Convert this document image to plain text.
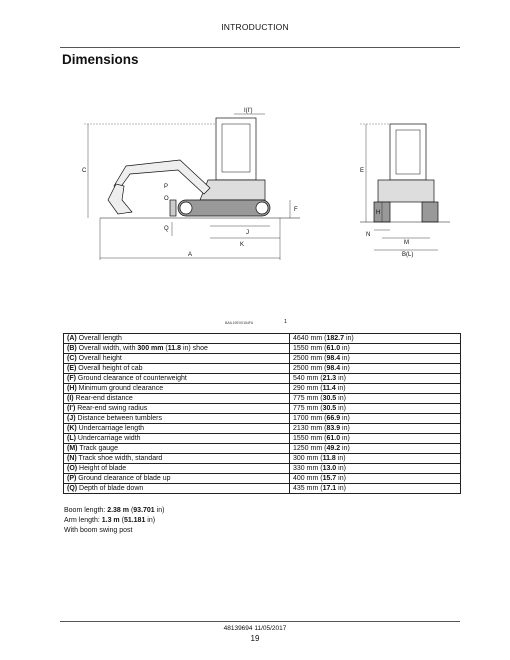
INTRODUCTION
Dimensions
A
C
I(I')
P
O
Q
J
K
F
E
H
N
M
B(L)
BAIL19EX0154FA	1
(A) Overall length	4640 mm (182.7 in)
(B) Overall width, with 300 mm (11.8 in) shoe	1550 mm (61.0 in)
(C) Overall height	2500 mm (98.4 in)
(E) Overall height of cab	2500 mm (98.4 in)
(F) Ground clearance of counterweight	540 mm (21.3 in)
(H) Minimum ground clearance	290 mm (11.4 in)
(I) Rear-end distance	775 mm (30.5 in)
(I') Rear-end swing radius	775 mm (30.5 in)
(J) Distance between tumblers	1700 mm (66.9 in)
(K) Undercarriage length	2130 mm (83.9 in)
(L) Undercarriage width	1550 mm (61.0 in)
(M) Track gauge	1250 mm (49.2 in)
(N) Track shoe width, standard	300 mm (11.8 in)
(O) Height of blade	330 mm (13.0 in)
(P) Ground clearance of blade up	400 mm (15.7 in)
(Q) Depth of blade down	435 mm (17.1 in)
Boom length: 2.38 m (93.701 in)
Arm length: 1.3 m (51.181 in)
With boom swing post
48139694 11/05/2017
19
